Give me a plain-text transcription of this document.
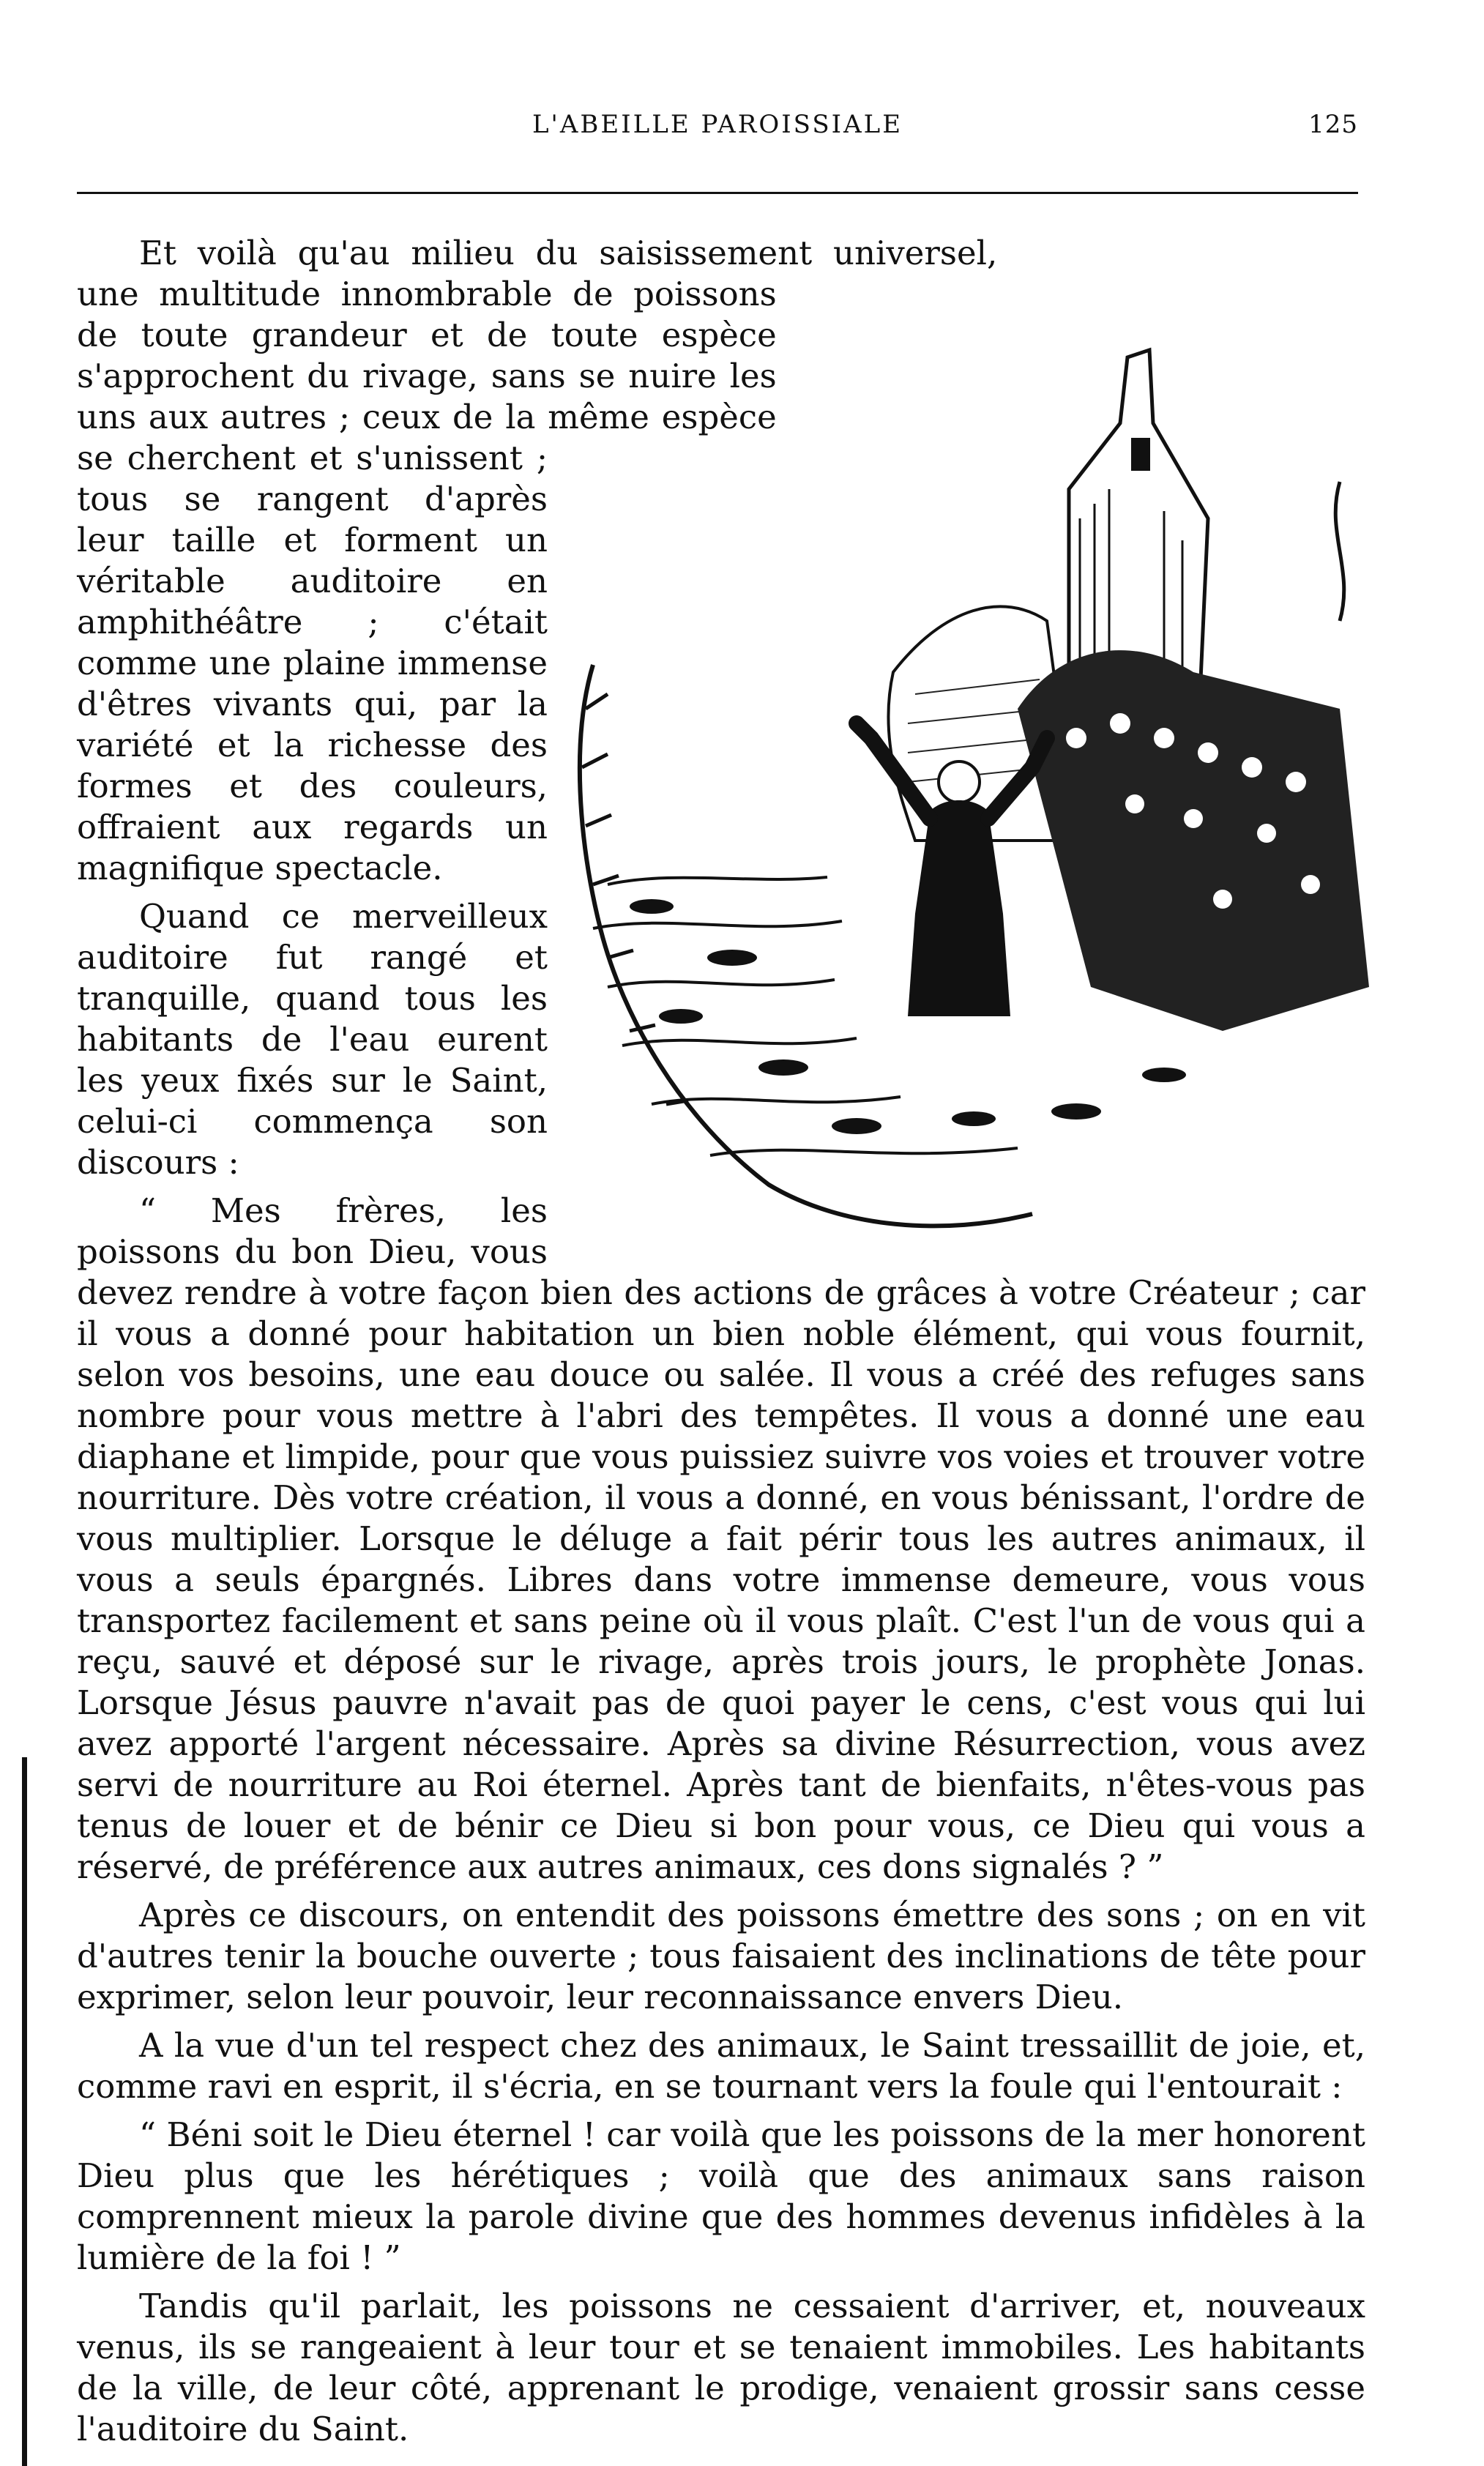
L'ABEILLE PAROISSIALE	125

Et voilà qu'au milieu du saisissement universel, une multitude innombrable de poissons de toute grandeur et de toute espèce s'approchent du rivage, sans se nuire les uns aux autres ; ceux de la même espèce se cherchent et s'unissent ; tous se rangent d'après leur taille et forment un véritable auditoire en amphithéâtre ; c'était comme une plaine immense d'êtres vivants qui, par la variété et la richesse des formes et des couleurs, offraient aux regards un magnifique spectacle.

Quand ce merveilleux auditoire fut rangé et tranquille, quand tous les habitants de l'eau eurent les yeux fixés sur le Saint, celui-ci commença son discours :

“ Mes frères, les poissons du bon Dieu, vous devez rendre à votre façon bien des actions de grâces à votre Créateur ; car il vous a donné pour habitation un bien noble élément, qui vous fournit, selon vos besoins, une eau douce ou salée. Il vous a créé des refuges sans nombre pour vous mettre à l'abri des tempêtes. Il vous a donné une eau diaphane et limpide, pour que vous puissiez suivre vos voies et trouver votre nourriture. Dès votre création, il vous a donné, en vous bénissant, l'ordre de vous multiplier. Lorsque le déluge a fait périr tous les autres animaux, il vous a seuls épargnés. Libres dans votre immense demeure, vous vous transportez facilement et sans peine où il vous plaît. C'est l'un de vous qui a reçu, sauvé et déposé sur le rivage, après trois jours, le prophète Jonas. Lorsque Jésus pauvre n'avait pas de quoi payer le cens, c'est vous qui lui avez apporté l'argent nécessaire. Après sa divine Résurrection, vous avez servi de nourriture au Roi éternel. Après tant de bienfaits, n'êtes-vous pas tenus de louer et de bénir ce Dieu si bon pour vous, ce Dieu qui vous a réservé, de préférence aux autres animaux, ces dons signalés ? ”

Après ce discours, on entendit des poissons émettre des sons ; on en vit d'autres tenir la bouche ouverte ; tous faisaient des inclinations de tête pour exprimer, selon leur pouvoir, leur reconnaissance envers Dieu.

A la vue d'un tel respect chez des animaux, le Saint tressaillit de joie, et, comme ravi en esprit, il s'écria, en se tournant vers la foule qui l'entourait :

“ Béni soit le Dieu éternel ! car voilà que les poissons de la mer honorent Dieu plus que les hérétiques ; voilà que des animaux sans raison comprennent mieux la parole divine que des hommes devenus infidèles à la lumière de la foi ! ”

Tandis qu'il parlait, les poissons ne cessaient d'arriver, et, nouveaux venus, ils se rangeaient à leur tour et se tenaient immobiles. Les habitants de la ville, de leur côté, apprenant le prodige, venaient grossir sans cesse l'auditoire du Saint.
